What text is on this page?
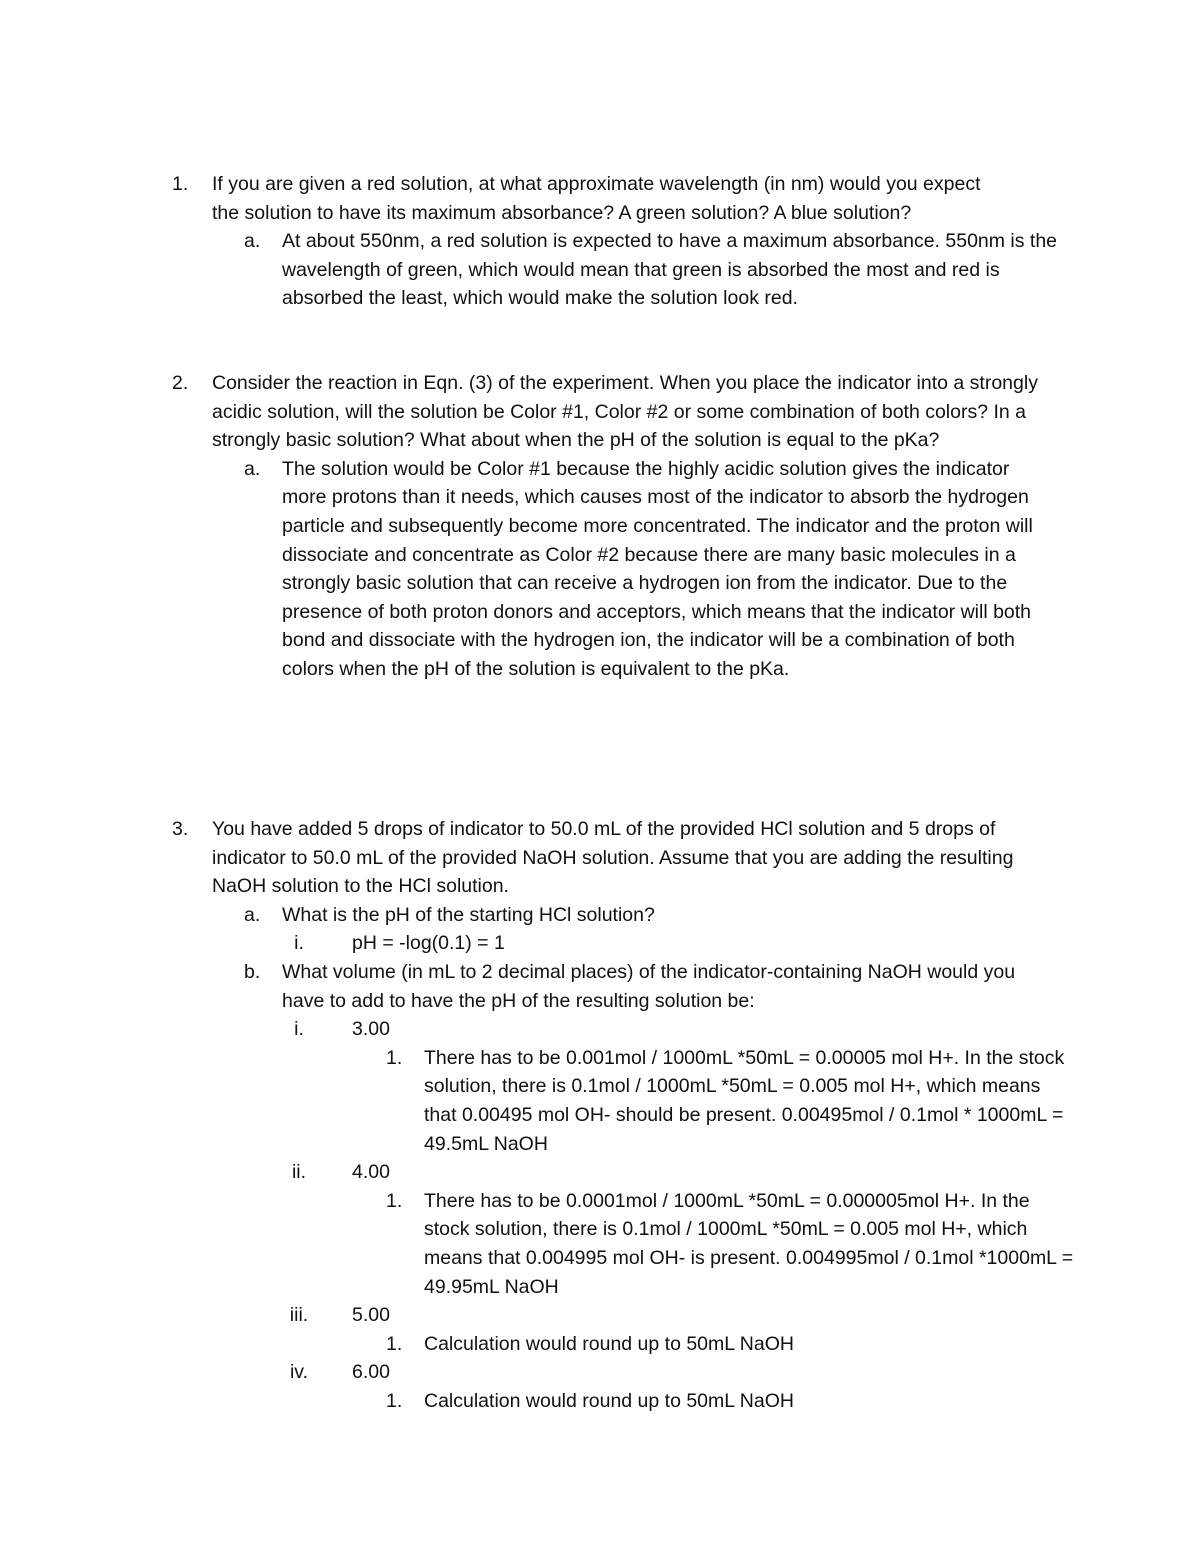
1. If you are given a red solution, at what approximate wavelength (in nm) would you expect the solution to have its maximum absorbance? A green solution? A blue solution?
a. At about 550nm, a red solution is expected to have a maximum absorbance. 550nm is the wavelength of green, which would mean that green is absorbed the most and red is absorbed the least, which would make the solution look red.
2. Consider the reaction in Eqn. (3) of the experiment. When you place the indicator into a strongly acidic solution, will the solution be Color #1, Color #2 or some combination of both colors? In a strongly basic solution? What about when the pH of the solution is equal to the pKa?
a. The solution would be Color #1 because the highly acidic solution gives the indicator more protons than it needs, which causes most of the indicator to absorb the hydrogen particle and subsequently become more concentrated. The indicator and the proton will dissociate and concentrate as Color #2 because there are many basic molecules in a strongly basic solution that can receive a hydrogen ion from the indicator. Due to the presence of both proton donors and acceptors, which means that the indicator will both bond and dissociate with the hydrogen ion, the indicator will be a combination of both colors when the pH of the solution is equivalent to the pKa.
3. You have added 5 drops of indicator to 50.0 mL of the provided HCl solution and 5 drops of indicator to 50.0 mL of the provided NaOH solution. Assume that you are adding the resulting NaOH solution to the HCl solution.
a. What is the pH of the starting HCl solution?
i.	pH = -log(0.1) = 1
b. What volume (in mL to 2 decimal places) of the indicator-containing NaOH would you have to add to have the pH of the resulting solution be:
i.	3.00
1. There has to be 0.001mol / 1000mL *50mL = 0.00005 mol H+. In the stock solution, there is 0.1mol / 1000mL *50mL = 0.005 mol H+, which means that 0.00495 mol OH- should be present. 0.00495mol / 0.1mol * 1000mL = 49.5mL NaOH
ii.	4.00
1. There has to be 0.0001mol / 1000mL *50mL = 0.000005mol H+. In the stock solution, there is 0.1mol / 1000mL *50mL = 0.005 mol H+, which means that 0.004995 mol OH- is present. 0.004995mol / 0.1mol *1000mL = 49.95mL NaOH
iii.	5.00
1. Calculation would round up to 50mL NaOH
iv.	6.00
1. Calculation would round up to 50mL NaOH
